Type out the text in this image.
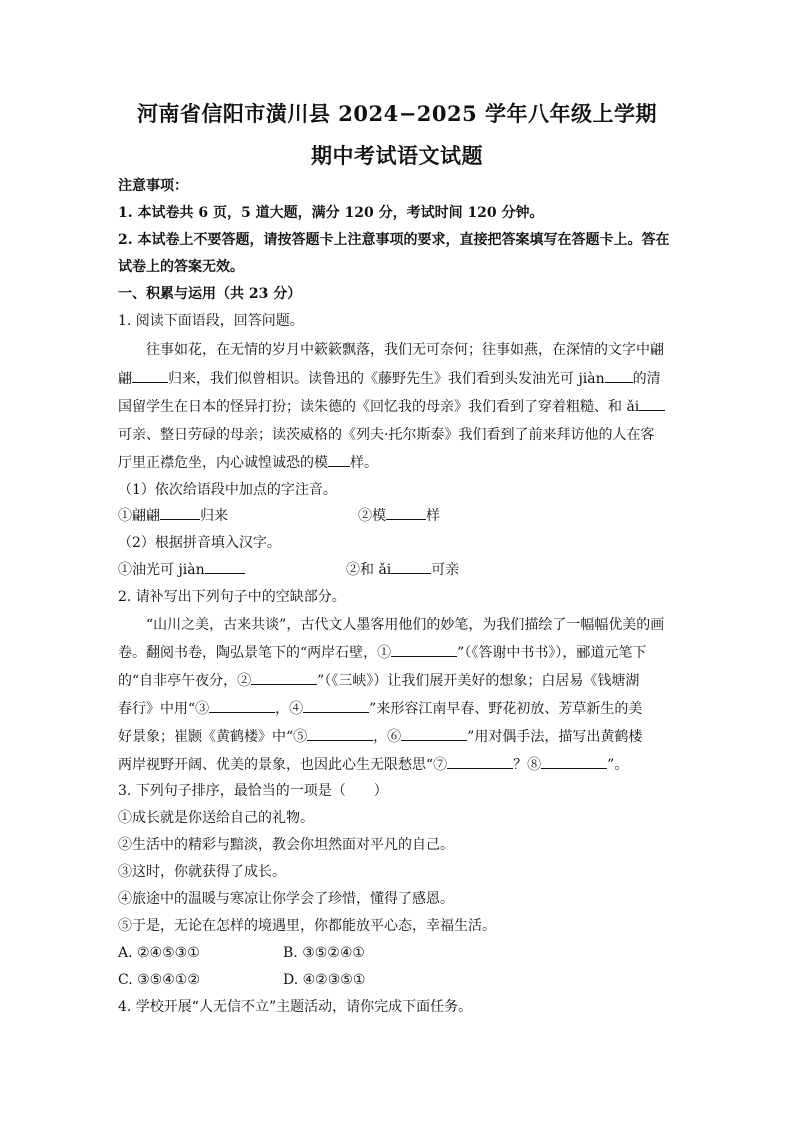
河南省信阳市潢川县 2024−2025 学年八年级上学期
期中考试语文试题
注意事项：
1. 本试卷共 6 页，5 道大题，满分 120 分，考试时间 120 分钟。
2. 本试卷上不要答题，请按答题卡上注意事项的要求，直接把答案填写在答题卡上。答在
试卷上的答案无效。
一、积累与运用（共 23 分）
1. 阅读下面语段，回答问题。
往事如花，在无情的岁月中簌簌飘落，我们无可奈何；往事如燕，在深情的文字中翩
翩	归来，我们似曾相识。读鲁迅的《藤野先生》我们看到头发油光可 jiàn 的清
国留学生在日本的怪异打扮；读朱德的《回忆我的母亲》我们看到了穿着粗糙、和 ǎi
可亲、整日劳碌的母亲；读茨威格的《列夫·托尔斯泰》我们看到了前来拜访他的人在客
厅里正襟危坐，内心诚惶诚恐的模 样。
（1）依次给语段中加点的字注音。
①翩翩	归来	②模	样
（2）根据拼音填入汉字。
①油光可 jiàn	②和 ǎi	可亲
2. 请补写出下列句子中的空缺部分。
“山川之美，古来共谈”，古代文人墨客用他们的妙笔，为我们描绘了一幅幅优美的画
卷。翻阅书卷，陶弘景笔下的“两岸石壁，①	”（《答谢中书书》），郦道元笔下
的“自非亭午夜分，②	”（《三峡》）让我们展开美好的想象；白居易《钱塘湖
春行》中用“③	，④	”来形容江南早春、野花初放、芳草新生的美
好景象；崔颢《黄鹤楼》中“⑤	，⑥	”用对偶手法，描写出黄鹤楼
两岸视野开阔、优美的景象，也因此心生无限愁思“⑦	？⑧	”。
3. 下列句子排序，最恰当的一项是（　　）
①成长就是你送给自己的礼物。
②生活中的精彩与黯淡，教会你坦然面对平凡的自己。
③这时，你就获得了成长。
④旅途中的温暖与寒凉让你学会了珍惜，懂得了感恩。
⑤于是，无论在怎样的境遇里，你都能放平心态，幸福生活。
A. ②④⑤③①	B. ③⑤②④①
C. ③⑤④①②	D. ④②③⑤①
4. 学校开展“人无信不立”主题活动，请你完成下面任务。
